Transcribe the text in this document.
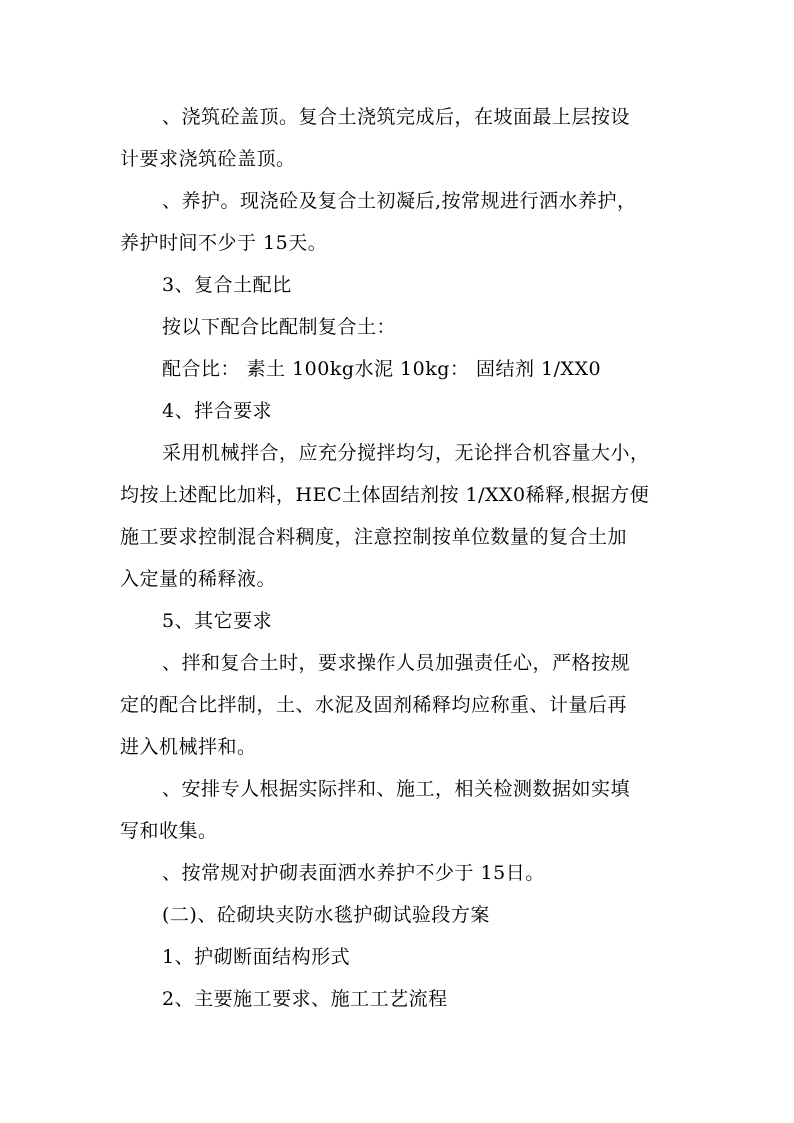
、浇筑砼盖顶。复合土浇筑完成后，在坡面最上层按设
计要求浇筑砼盖顶。
、养护。现浇砼及复合土初凝后,按常规进行洒水养护，
养护时间不少于 15天。
3、复合土配比
按以下配合比配制复合土：
配合比： 素土 100kg水泥 10kg： 固结剂 1/XX0
4、拌合要求
采用机械拌合，应充分搅拌均匀，无论拌合机容量大小，
均按上述配比加料，HEC土体固结剂按 1/XX0稀释,根据方便
施工要求控制混合料稠度，注意控制按单位数量的复合土加
入定量的稀释液。
5、其它要求
、拌和复合土时，要求操作人员加强责任心，严格按规
定的配合比拌制，土、水泥及固剂稀释均应称重、计量后再
进入机械拌和。
、安排专人根据实际拌和、施工，相关检测数据如实填
写和收集。
、按常规对护砌表面洒水养护不少于 15日。
(二)、砼砌块夹防水毯护砌试验段方案
1、护砌断面结构形式
2、主要施工要求、施工工艺流程
